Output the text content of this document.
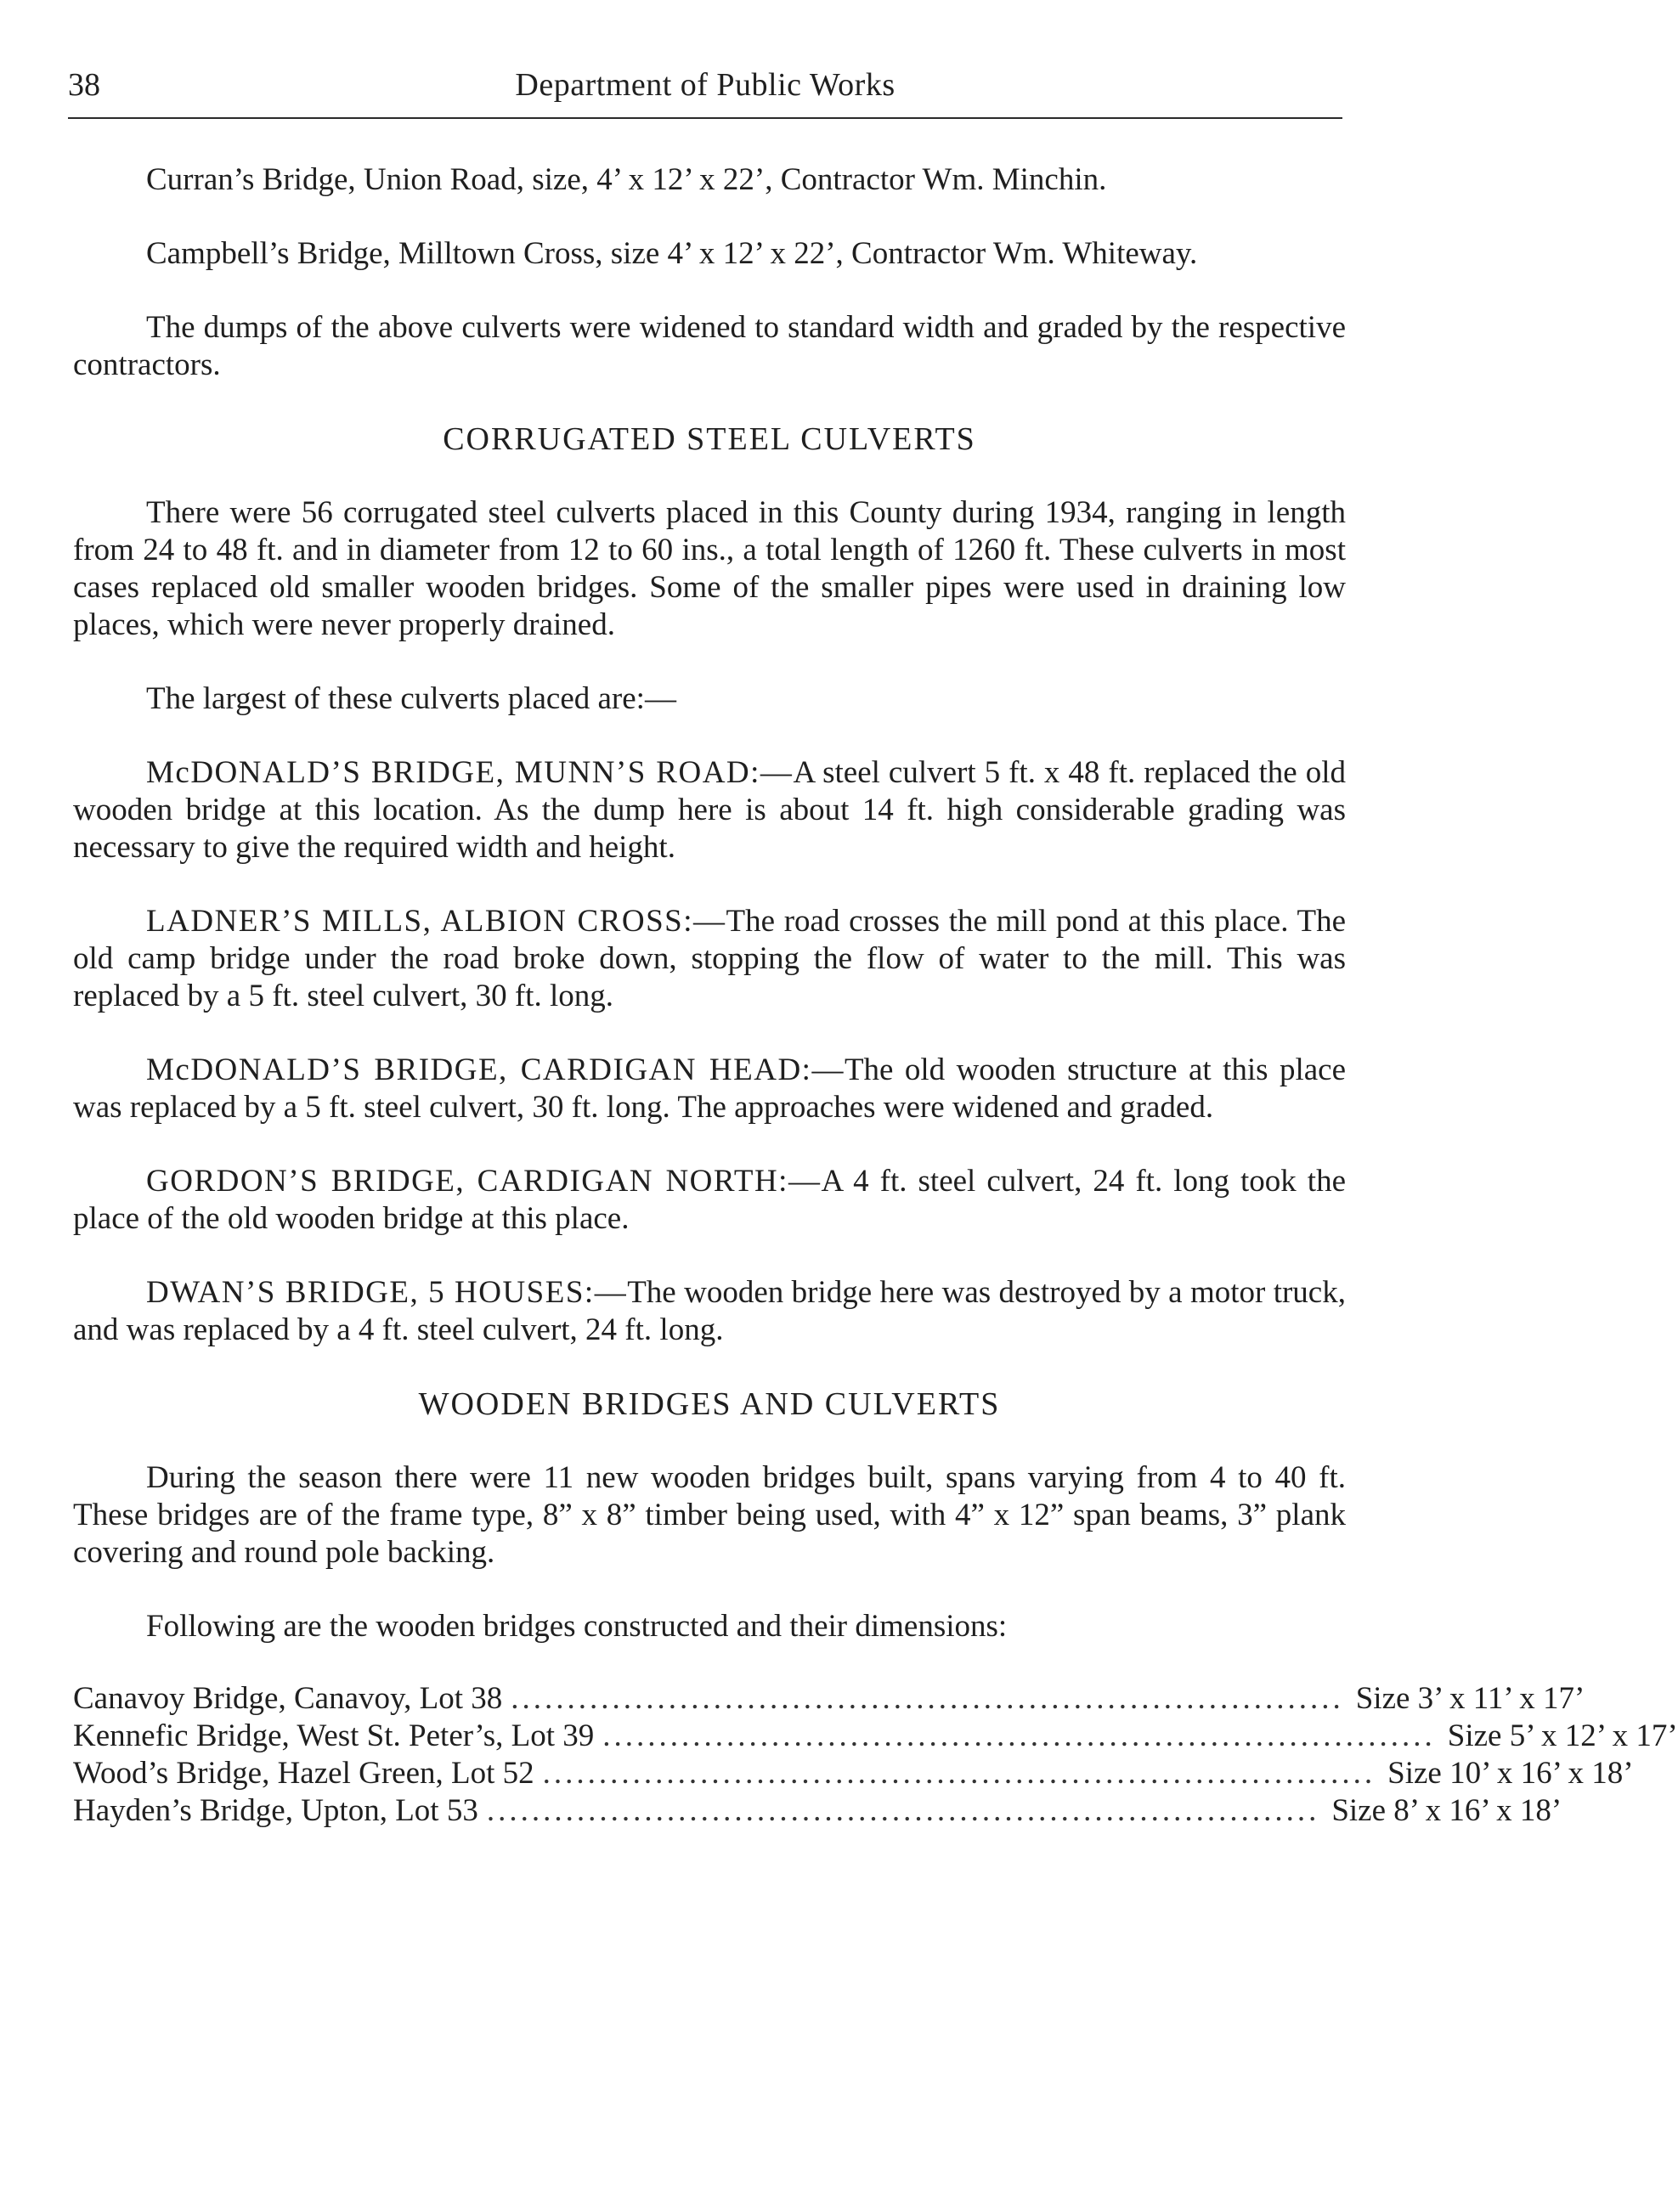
38	Department of Public Works

Curran’s Bridge, Union Road, size, 4’ x 12’ x 22’, Contractor Wm. Minchin.

Campbell’s Bridge, Milltown Cross, size 4’ x 12’ x 22’, Contractor Wm. Whiteway.

The dumps of the above culverts were widened to standard width and graded by the respective contractors.

CORRUGATED STEEL CULVERTS

There were 56 corrugated steel culverts placed in this County during 1934, ranging in length from 24 to 48 ft. and in diameter from 12 to 60 ins., a total length of 1260 ft. These culverts in most cases replaced old smaller wooden bridges. Some of the smaller pipes were used in draining low places, which were never properly drained.

The largest of these culverts placed are:—

McDONALD’S BRIDGE, MUNN’S ROAD:—A steel culvert 5 ft. x 48 ft. replaced the old wooden bridge at this location. As the dump here is about 14 ft. high considerable grading was necessary to give the required width and height.

LADNER’S MILLS, ALBION CROSS:—The road crosses the mill pond at this place. The old camp bridge under the road broke down, stopping the flow of water to the mill. This was replaced by a 5 ft. steel culvert, 30 ft. long.

McDONALD’S BRIDGE, CARDIGAN HEAD:—The old wooden structure at this place was replaced by a 5 ft. steel culvert, 30 ft. long. The approaches were widened and graded.

GORDON’S BRIDGE, CARDIGAN NORTH:—A 4 ft. steel culvert, 24 ft. long took the place of the old wooden bridge at this place.

DWAN’S BRIDGE, 5 HOUSES:—The wooden bridge here was destroyed by a motor truck, and was replaced by a 4 ft. steel culvert, 24 ft. long.

WOODEN BRIDGES AND CULVERTS

During the season there were 11 new wooden bridges built, spans varying from 4 to 40 ft. These bridges are of the frame type, 8” x 8” timber being used, with 4” x 12” span beams, 3” plank covering and round pole backing.

Following are the wooden bridges constructed and their dimensions:

Canavoy Bridge, Canavoy, Lot 38 .......................................................................... Size 3’ x 11’ x 17’
Kennefic Bridge, West St. Peter’s, Lot 39 .......................................................................... Size 5’ x 12’ x 17’
Wood’s Bridge, Hazel Green, Lot 52 .......................................................................... Size 10’ x 16’ x 18’
Hayden’s Bridge, Upton, Lot 53 .......................................................................... Size 8’ x 16’ x 18’
